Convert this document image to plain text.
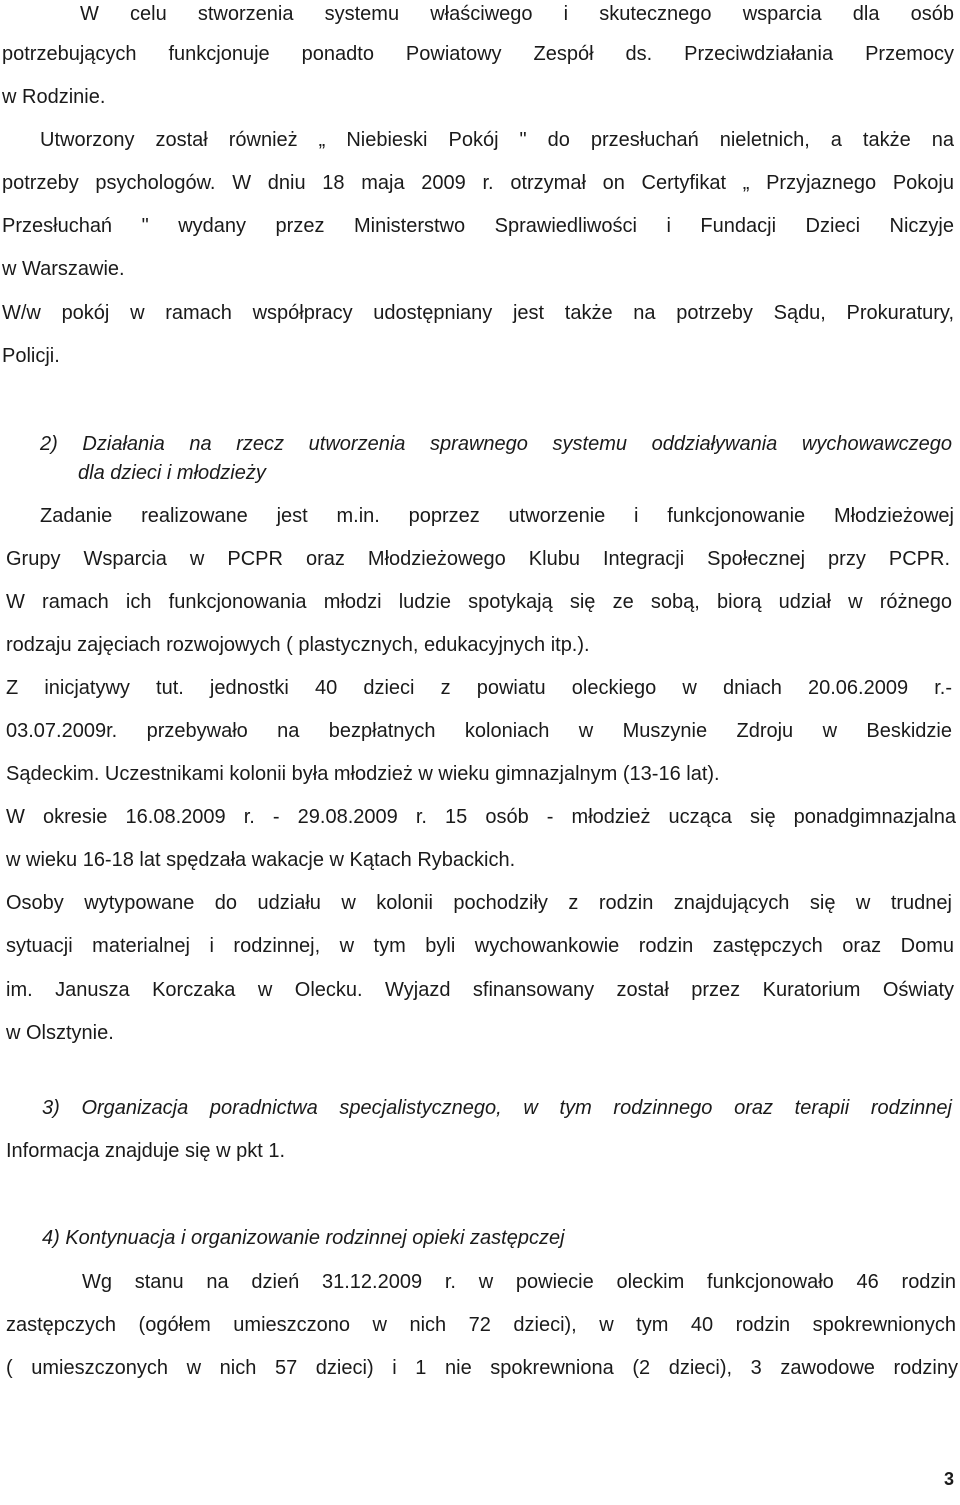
W celu stworzenia systemu właściwego i skutecznego wsparcia dla osób
potrzebujących funkcjonuje ponadto Powiatowy Zespół ds. Przeciwdziałania Przemocy
w Rodzinie.
Utworzony został również „ Niebieski Pokój " do przesłuchań nieletnich, a także na
potrzeby psychologów. W dniu 18 maja 2009 r. otrzymał on Certyfikat „ Przyjaznego Pokoju
Przesłuchań " wydany przez Ministerstwo Sprawiedliwości i Fundacji Dzieci Niczyje
w Warszawie.
W/w pokój w ramach współpracy udostępniany jest także na potrzeby Sądu, Prokuratury,
Policji.
2) Działania na rzecz utworzenia sprawnego systemu oddziaływania wychowawczego
dla dzieci i młodzieży
Zadanie realizowane jest m.in. poprzez utworzenie i funkcjonowanie Młodzieżowej
Grupy Wsparcia w PCPR oraz Młodzieżowego Klubu Integracji Społecznej przy PCPR.
W ramach ich funkcjonowania młodzi ludzie spotykają się ze sobą, biorą udział w różnego
rodzaju zajęciach rozwojowych ( plastycznych, edukacyjnych itp.).
Z inicjatywy tut. jednostki 40 dzieci z powiatu oleckiego w dniach 20.06.2009 r.-
03.07.2009r. przebywało na bezpłatnych koloniach w Muszynie Zdroju w Beskidzie
Sądeckim. Uczestnikami kolonii była młodzież w wieku gimnazjalnym (13-16 lat).
W okresie 16.08.2009 r. - 29.08.2009 r. 15 osób - młodzież ucząca się ponadgimnazjalna
w wieku 16-18 lat spędzała wakacje w Kątach Rybackich.
Osoby wytypowane do udziału w kolonii pochodziły z rodzin znajdujących się w trudnej
sytuacji materialnej i rodzinnej, w tym byli wychowankowie rodzin zastępczych oraz Domu
im. Janusza Korczaka w Olecku. Wyjazd sfinansowany został przez Kuratorium Oświaty
w Olsztynie.
3) Organizacja poradnictwa specjalistycznego, w tym rodzinnego oraz terapii rodzinnej
Informacja znajduje się w pkt 1.
4) Kontynuacja i organizowanie rodzinnej opieki zastępczej
Wg stanu na dzień 31.12.2009 r. w powiecie oleckim funkcjonowało 46 rodzin
zastępczych (ogółem umieszczono w nich 72 dzieci), w tym 40 rodzin spokrewnionych
( umieszczonych w nich 57 dzieci) i 1 nie spokrewniona (2 dzieci), 3 zawodowe rodziny
3
